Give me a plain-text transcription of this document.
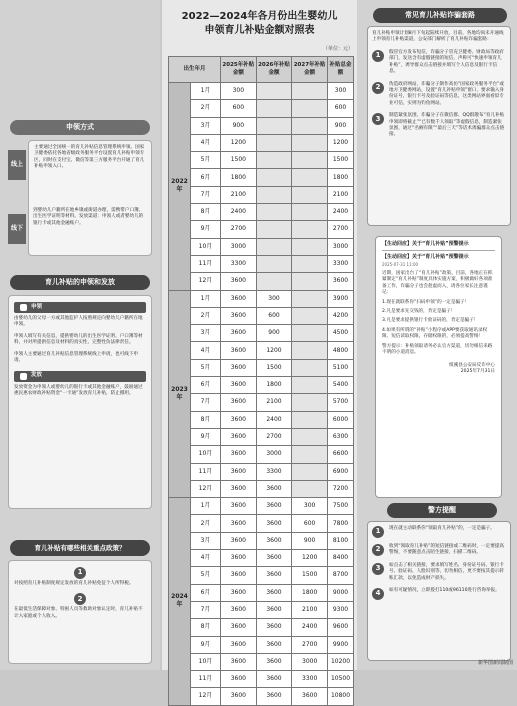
申领方式
主要通过全国统一的育儿补贴信息管理系统申领。国家卫健委依托各地省级政务服务平台设置育儿补贴申领专区，同时在支付宝、微信等第三方服务平台开通了育儿补贴申领入口。
线上
到婴幼儿户籍所在地乡镇或街道办理，需携带户口簿、出生医学证明等材料。发放渠道：申领人或者婴幼儿的银行卡或其他金融账户。
线下
育儿补贴的申领和发放
申领
由婴幼儿的父母一方或其他监护人按照规定向婴幼儿户籍所在地申领。
申领人填写有关信息，提供婴幼儿的出生医学证明、户口簿等材料，并对所提供信息及材料的真实性、完整性负法律责任。
申领人主要通过育儿补贴信息管理系统线上申请，也可线下申请。
发放
发放资金为申领人或婴幼儿的银行卡或其他金融账户，鼓励通过惠民惠农财政补贴资金“一卡通”发放育儿补贴，防止挪用。
育儿补贴有哪些相关重点政策？
1
对按照育儿补贴制度规定发放的育儿补贴免征个人所得税。
2
在最低生活保障对象、特困人员等救助对象认定时，育儿补贴不计入家庭或个人收入。
2022—2024年各月份出生婴幼儿
申领育儿补贴金额对照表
（单位：元）
出生年月		2025年补贴金额	2026年补贴金额	2027年补贴金额	补贴总金额
2022年	1月	300			300
	2月	600			600
	3月	900			900
	4月	1200			1200
	5月	1500			1500
	6月	1800			1800
	7月	2100			2100
	8月	2400			2400
	9月	2700			2700
	10月	3000			3000
	11月	3300			3300
	12月	3600			3600
2023年	1月	3600	300		3900
	2月	3600	600		4200
	3月	3600	900		4500
	4月	3600	1200		4800
	5月	3600	1500		5100
	6月	3600	1800		5400
	7月	3600	2100		5700
	8月	3600	2400		6000
	9月	3600	2700		6300
	10月	3600	3000		6600
	11月	3600	3300		6900
	12月	3600	3600		7200
2024年	1月	3600	3600	300	7500
	2月	3600	3600	600	7800
	3月	3600	3600	900	8100
	4月	3600	3600	1200	8400
	5月	3600	3600	1500	8700
	6月	3600	3600	1800	9000
	7月	3600	3600	2100	9300
	8月	3600	3600	2400	9600
	9月	3600	3600	2700	9900
	10月	3600	3600	3000	10200
	11月	3600	3600	3300	10500
	12月	3600	3600	3600	10800
常见育儿补贴诈骗套路
育儿补贴申领计划8月下旬起陆续开放，目前，各地均尚未开通线上申领育儿补贴渠道，公安部门解析了育儿补贴诈骗套路：
1	假冒官方发布短信，诈骗分子冒充卫健委、财政局等政府部门，发送含有虚假链接的短信，声称可“快速申领育儿补贴”，诱导群众点击链接并填写个人信息及银行卡信息。
2	伪造政府网站，诈骗分子制作高仿“国家政务服务平台”或地方卫健委网站，设置“育儿补贴申领”窗口，要求输入身份证号、银行卡号及验证码等信息，这类网站界面看似专业可信，实则为钓鱼网站。
3	制造紧张氛围，诈骗分子在微信群、QQ群散布“育儿补贴申领即将截止”“已有数千人领取”等虚假信息，制造紧张氛围，通过“名额有限”“最后三天”等话术诱骗群众点击链接。
【生动回应】关于“育儿补贴”预警提示
【生动回应】关于“育儿补贴”预警提示
2025-07-31 11:00
近期，国家出台了“育儿补贴”政策。目前，各地正在抓紧制定“育儿补贴”制度具体实施方案，积极做好各项准备工作，诈骗分子也会趁虚而入，请各位家长注意谨记：
1.现在就联系你“扫码申领”的一定是骗子！
2.凡是要求先交钱的，肯定是骗子！
3.凡是要求提供银行卡验证码的，肯定是骗子！
4.如果有所谓的“补贴”小程序或APP要获取通讯录权限、短信读取权限、存储权限的，必须提高警惕！
警方提示：补贴领取请务必认官方渠道，切勿相信来路不明的小道消息。
绩溪县公安局反诈中心
2025年7月31日
警方提醒
1	现在就主动联系你“领取育儿补贴”的，一定是骗子。
2	收到“领取育儿补贴”的短信链接或二维码时，一定要提高警惕，不要随意点击陌生链接、扫描二维码。
3	如点击了相关链接，要求填写姓名、身份证号码、银行卡号、验证码、人脸识别等，切勿相信，更不要按其提示转账汇款，以免造成财产损失。
4	如有可疑情况，立即拨打110或96110进行咨询举报。
新华图新闻制图
